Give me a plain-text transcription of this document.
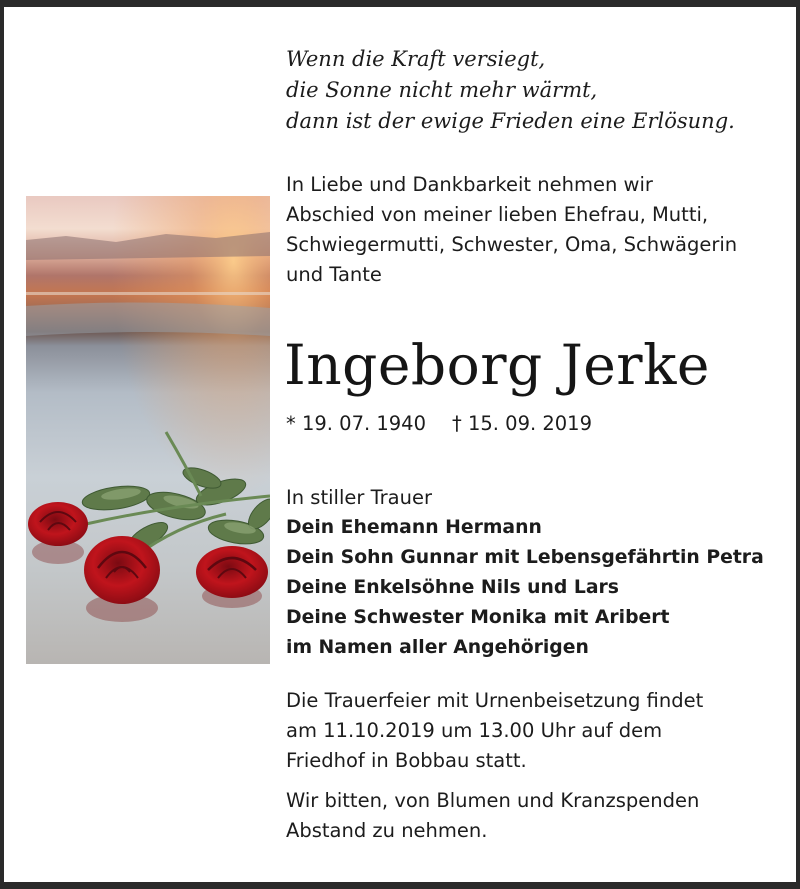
Wenn die Kraft versiegt,
die Sonne nicht mehr wärmt,
dann ist der ewige Frieden eine Erlösung.
In Liebe und Dankbarkeit nehmen wir
Abschied von meiner lieben Ehefrau, Mutti,
Schwiegermutti, Schwester, Oma, Schwägerin
und Tante
Ingeborg Jerke
* 19. 07. 1940 † 15. 09. 2019
In stiller Trauer
Dein Ehemann Hermann
Dein Sohn Gunnar mit Lebensgefährtin Petra
Deine Enkelsöhne Nils und Lars
Deine Schwester Monika mit Aribert
im Namen aller Angehörigen
Die Trauerfeier mit Urnenbeisetzung findet
am 11.10.2019 um 13.00 Uhr auf dem
Friedhof in Bobbau statt.
Wir bitten, von Blumen und Kranzspenden
Abstand zu nehmen.
